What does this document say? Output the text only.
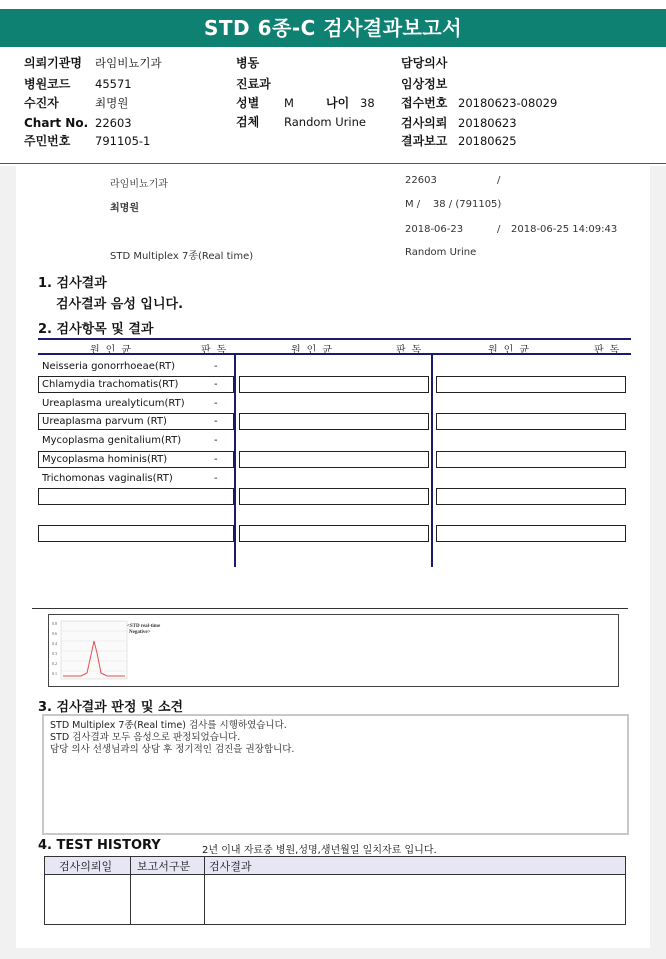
STD 6종-C 검사결과보고서
의뢰기관명 라임비뇨기과
병원코드 45571
수진자	최명원
Chart No. 22603
주민번호 791105-1
병동
진료과
성별 M	나이 38
검체 Random Urine
담당의사
임상정보
접수번호 20180623-08029
검사의뢰 20180623
결과보고 20180625
라임비뇨기과	22603	/
최명원	M /    38 / (791105)
2018-06-23	/ 2018-06-25 14:09:43
STD Multiplex 7종(Real time)	Random Urine
1. 검사결과
검사결과 음성 입니다.
2. 검사항목 및 결과
원인균	판독	원인균	판독	원인균	판독
Neisseria gonorrhoeae(RT)	-
Chlamydia trachomatis(RT)	-
Ureaplasma urealyticum(RT)	-
Ureaplasma parvum (RT)	-
Mycoplasma genitalium(RT)	-
Mycoplasma hominis(RT)	-
Trichomonas vaginalis(RT)	-
0.8
0.6
0.4
0.3
0.2
0.1
<STD real-time
Negative>
3. 검사결과 판정 및 소견
STD Multiplex 7종(Real time) 검사를 시행하였습니다.
STD 검사결과 모두 음성으로 판정되었습니다.
담당 의사 선생님과의 상담 후 정기적인 검진을 권장합니다.
4. TEST HISTORY	2년 이내 자료중 병원,성명,생년월일 일치자료 입니다.
검사의뢰일 보고서구분 검사결과
